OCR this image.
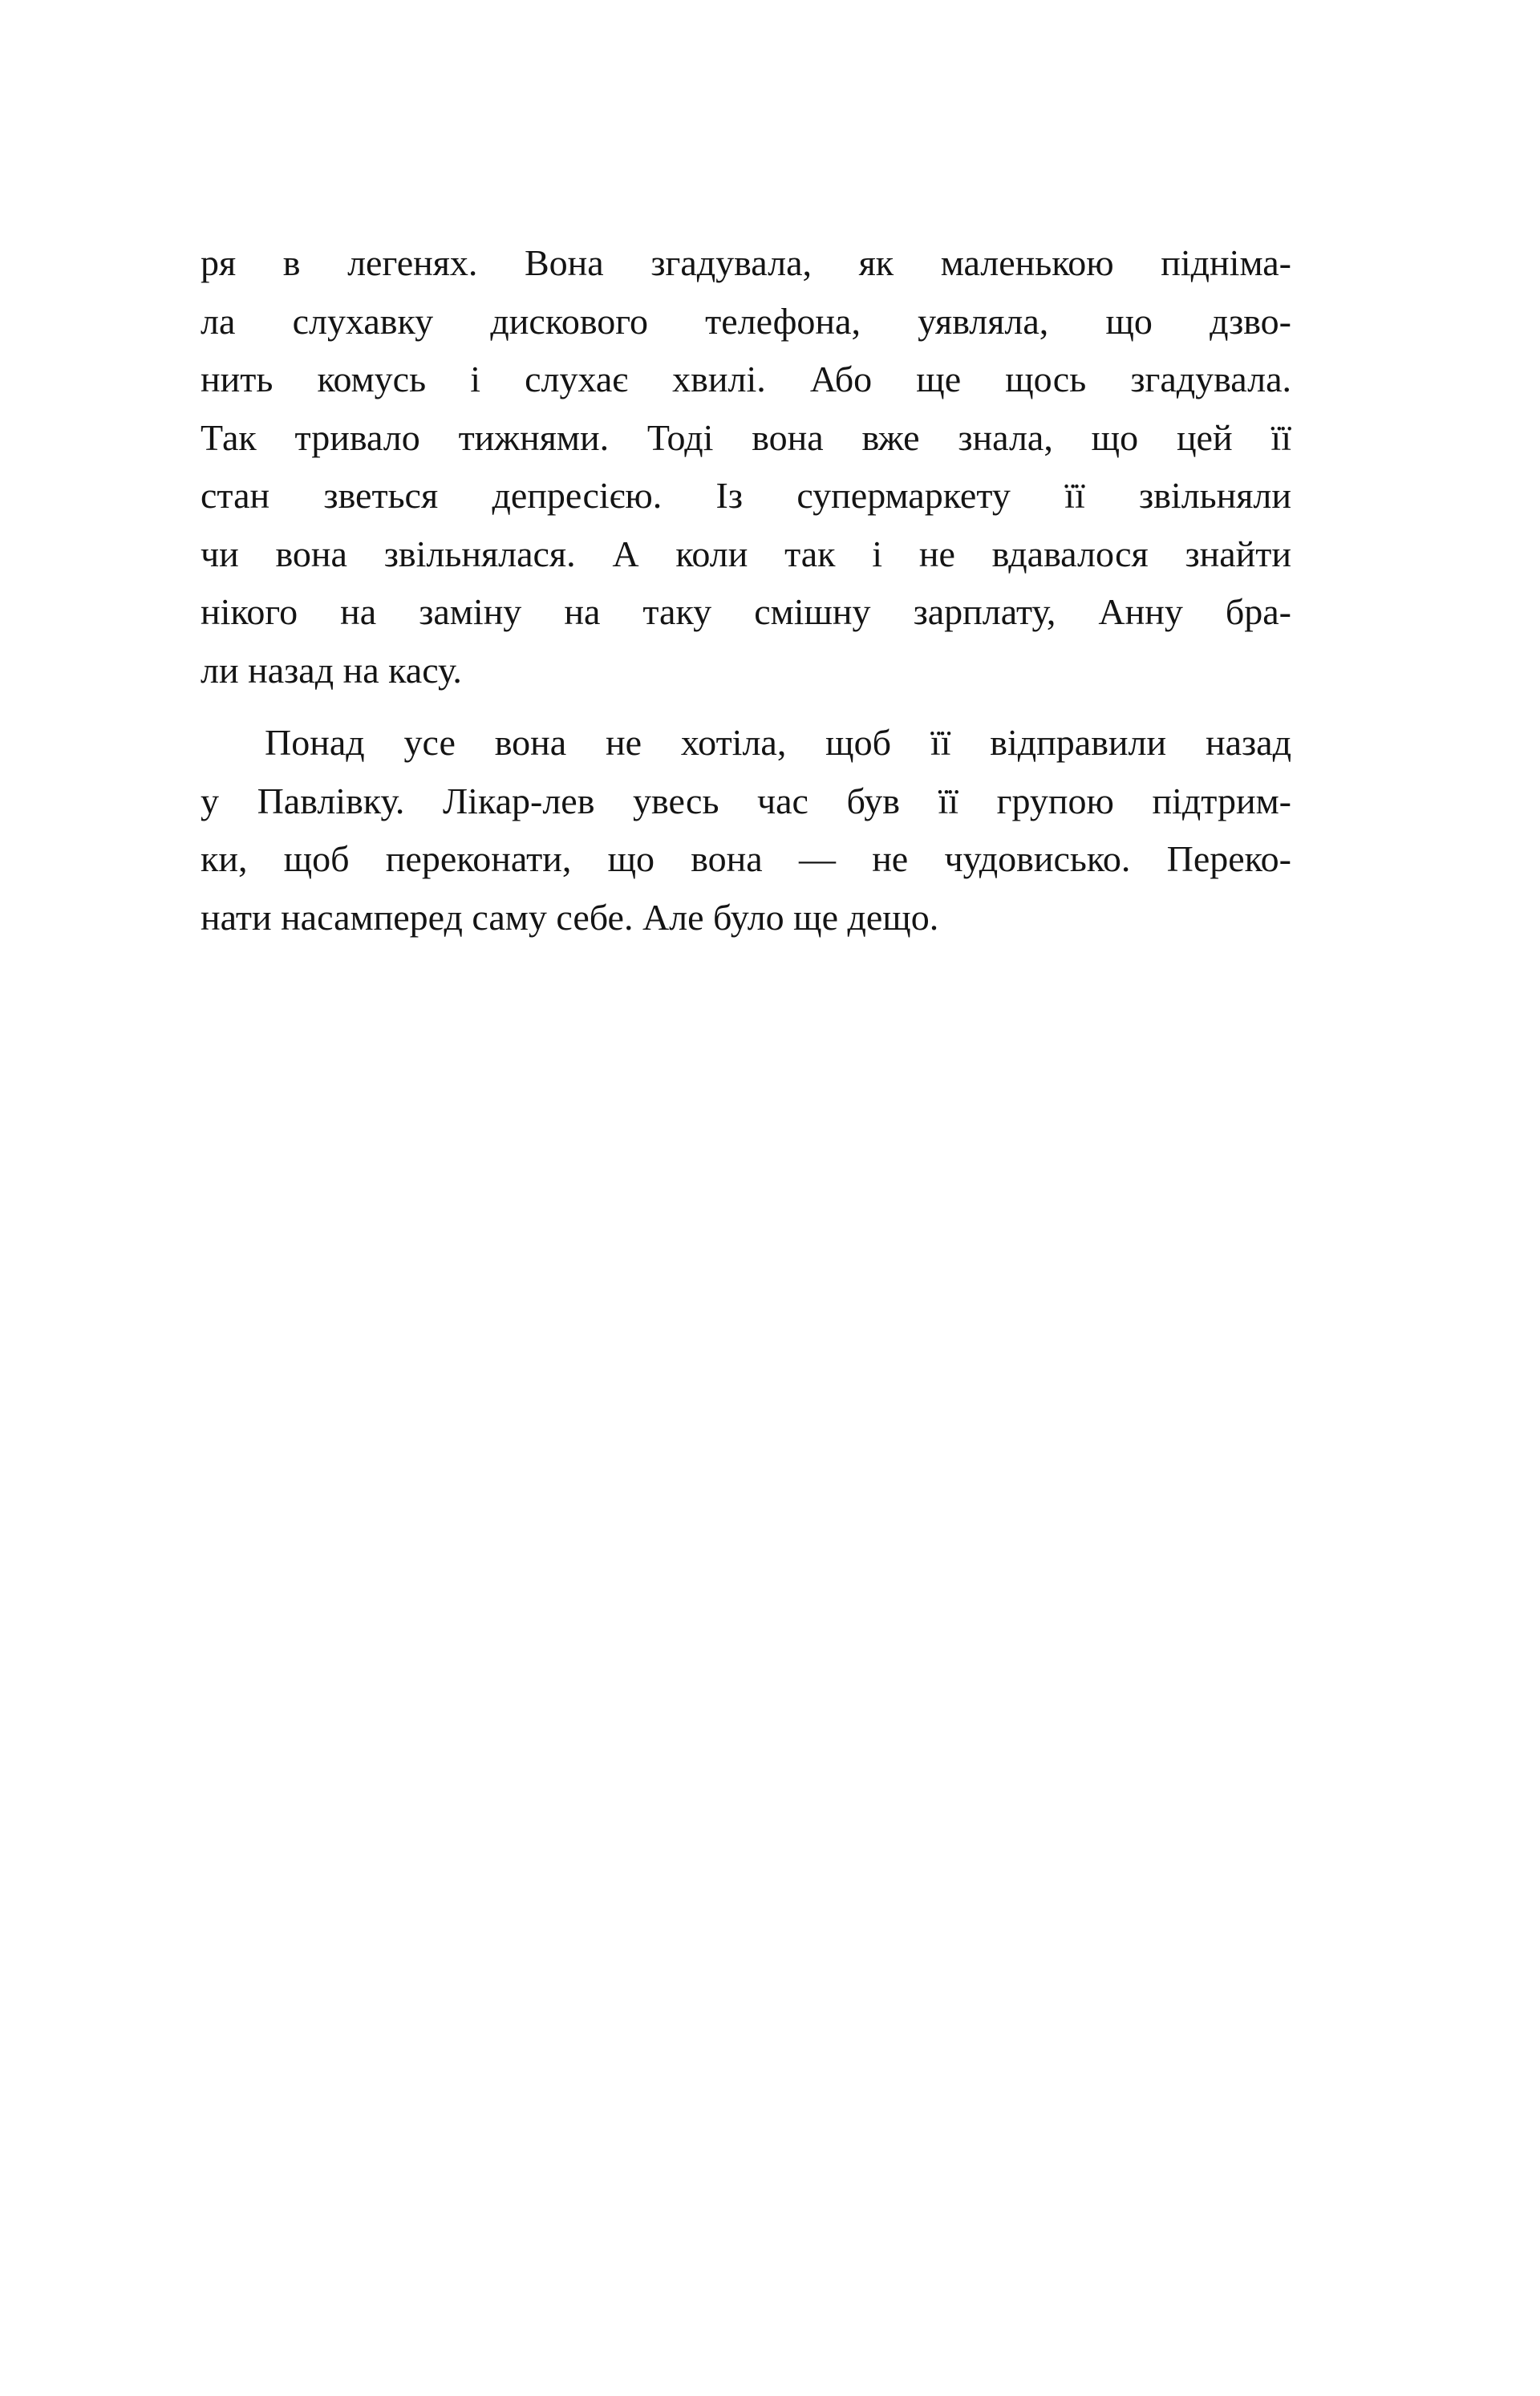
ря в легенях. Вона згадувала, як маленькою підніма-
ла слухавку дискового телефона, уявляла, що дзво-
нить комусь і слухає хвилі. Або ще щось згадувала.
Так тривало тижнями. Тоді вона вже знала, що цей її
стан зветься депресією. Із супермаркету її звільняли
чи вона звільнялася. А коли так і не вдавалося знайти
нікого на заміну на таку смішну зарплату, Анну бра-
ли назад на касу.
Понад усе вона не хотіла, щоб її відправили назад
у Павлівку. Лікар-лев увесь час був її групою підтрим-
ки, щоб переконати, що вона — не чудовисько. Переко-
нати насамперед саму себе. Але було ще дещо.
